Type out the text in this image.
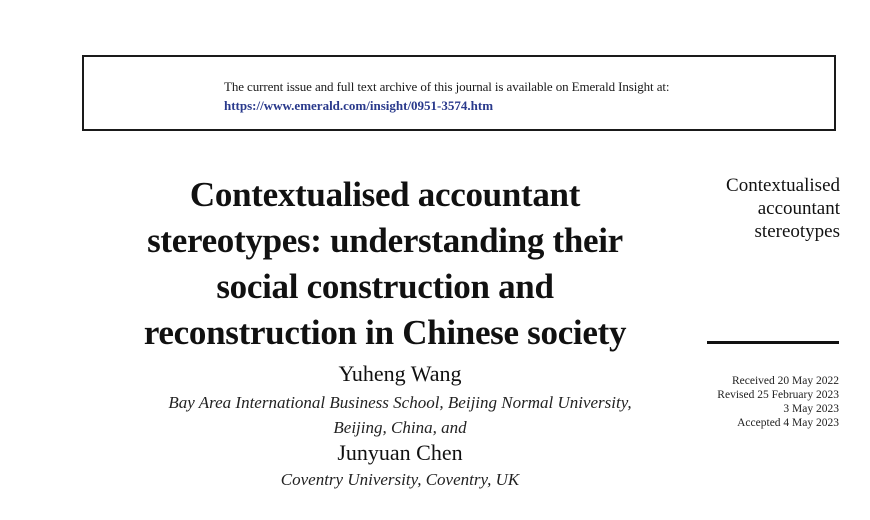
The current issue and full text archive of this journal is available on Emerald Insight at:
https://www.emerald.com/insight/0951-3574.htm
Contextualised accountant
stereotypes: understanding their
social construction and
reconstruction in Chinese society
Contextualised
accountant
stereotypes
Received 20 May 2022
Revised 25 February 2023
3 May 2023
Accepted 4 May 2023
Yuheng Wang
Bay Area International Business School, Beijing Normal University,
Beijing, China, and
Junyuan Chen
Coventry University, Coventry, UK
